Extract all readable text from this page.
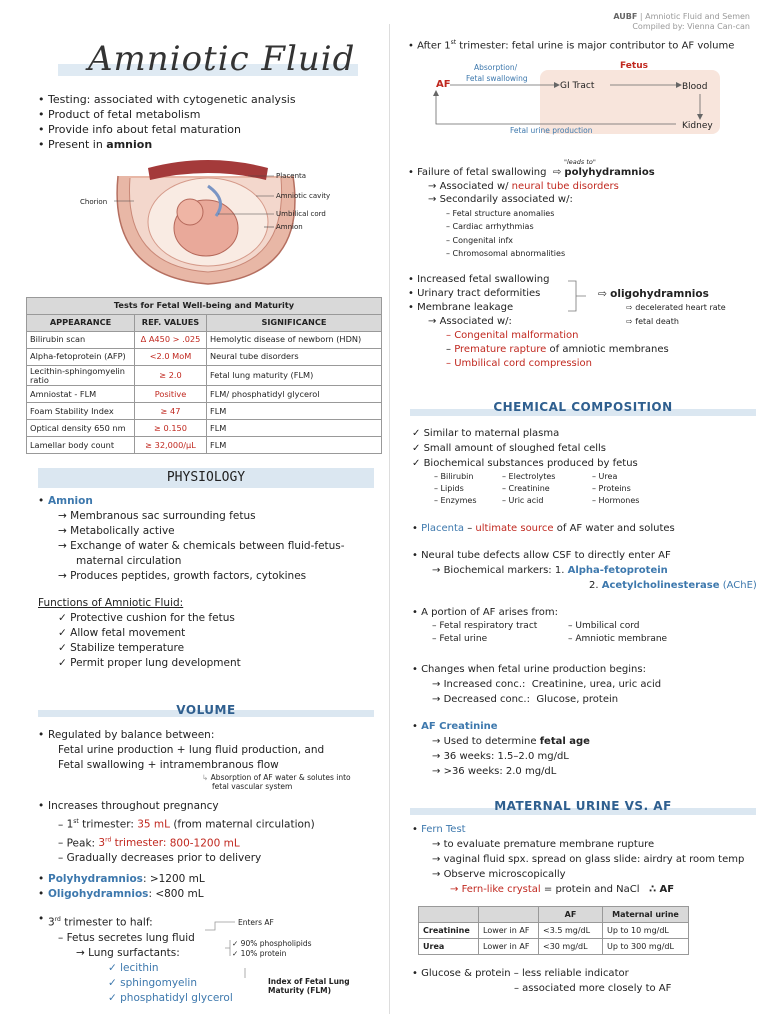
AUBF | Amniotic Fluid and Semen
Compiled by: Vienna Can-can
Amniotic Fluid
• Testing: associated with cytogenetic analysis
• Product of fetal metabolism
• Provide info about fetal maturation
• Present in amnion
Chorion
Placenta
Amniotic cavity
Umbilical cord
Amnion
Tests for Fetal Well-being and Maturity		
APPEARANCE	REF. VALUES	SIGNIFICANCE
Bilirubin scan	Δ A450 > .025	Hemolytic disease of newborn (HDN)
Alpha-fetoprotein (AFP)	<2.0 MoM	Neural tube disorders
Lecithin-sphingomyelin ratio	≥ 2.0	Fetal lung maturity (FLM)
Amniostat - FLM	Positive	FLM/ phosphatidyl glycerol
Foam Stability Index	≥ 47	FLM
Optical density 650 nm	≥ 0.150	FLM
Lamellar body count	≥ 32,000/µL	FLM
PHYSIOLOGY
• Amnion
→ Membranous sac surrounding fetus
→ Metabolically active
→ Exchange of water & chemicals between fluid-fetus-
maternal circulation
→ Produces peptides, growth factors, cytokines
Functions of Amniotic Fluid:
✓ Protective cushion for the fetus
✓ Allow fetal movement
✓ Stabilize temperature
✓ Permit proper lung development
VOLUME
• Regulated by balance between:
Fetal urine production + lung fluid production, and
Fetal swallowing + intramembranous flow
↳ Absorption of AF water & solutes into
fetal vascular system
• Increases throughout pregnancy
– 1st trimester: 35 mL (from maternal circulation)
– Peak: 3rd trimester: 800-1200 mL
– Gradually decreases prior to delivery
• Polyhydramnios: >1200 mL
• Oligohydramnios: <800 mL
• 3rd trimester to half:
– Fetus secretes lung fluid
→ Lung surfactants:
✓ lecithin
✓ sphingomyelin
✓ phosphatidyl glycerol
Enters AF
✓ 90% phospholipids
✓ 10% protein
Index of Fetal Lung
Maturity (FLM)
• After 1st trimester: fetal urine is major contributor to AF volume
Fetus
AF
Absorption/
Fetal swallowing
GI Tract	Blood
Kidney
Fetal urine production
"leads to"
• Failure of fetal swallowing  ⇨ polyhydramnios
→ Associated w/ neural tube disorders
→ Secondarily associated w/:
– Fetal structure anomalies
– Cardiac arrhythmias
– Congenital infx
– Chromosomal abnormalities
• Increased fetal swallowing
• Urinary tract deformities
• Membrane leakage
→ Associated w/:
– Congenital malformation
– Premature rapture of amniotic membranes
– Umbilical cord compression
⇨ oligohydramnios
⇨ decelerated heart rate
⇨ fetal death
CHEMICAL COMPOSITION
✓ Similar to maternal plasma
✓ Small amount of sloughed fetal cells
✓ Biochemical substances produced by fetus
– Bilirubin	– Electrolytes	– Urea
– Lipids	– Creatinine	– Proteins
– Enzymes	– Uric acid	– Hormones
• Placenta – ultimate source of AF water and solutes
• Neural tube defects allow CSF to directly enter AF
→ Biochemical markers: 1. Alpha-fetoprotein
2. Acetylcholinesterase (AChE)
• A portion of AF arises from:
– Fetal respiratory tract	– Umbilical cord
– Fetal urine	– Amniotic membrane
• Changes when fetal urine production begins:
→ Increased conc.: Creatinine, urea, uric acid
→ Decreased conc.: Glucose, protein
• AF Creatinine
→ Used to determine fetal age
→ 36 weeks: 1.5–2.0 mg/dL
→ >36 weeks: 2.0 mg/dL
MATERNAL URINE VS. AF
• Fern Test
→ to evaluate premature membrane rupture
→ vaginal fluid spx. spread on glass slide: airdry at room temp
→ Observe microscopically
→ Fern-like crystal = protein and NaCl ∴ AF
		AF	Maternal urine
Creatinine	Lower in AF	<3.5 mg/dL	Up to 10 mg/dL
Urea	Lower in AF	<30 mg/dL	Up to 300 mg/dL
• Glucose & protein – less reliable indicator
– associated more closely to AF
